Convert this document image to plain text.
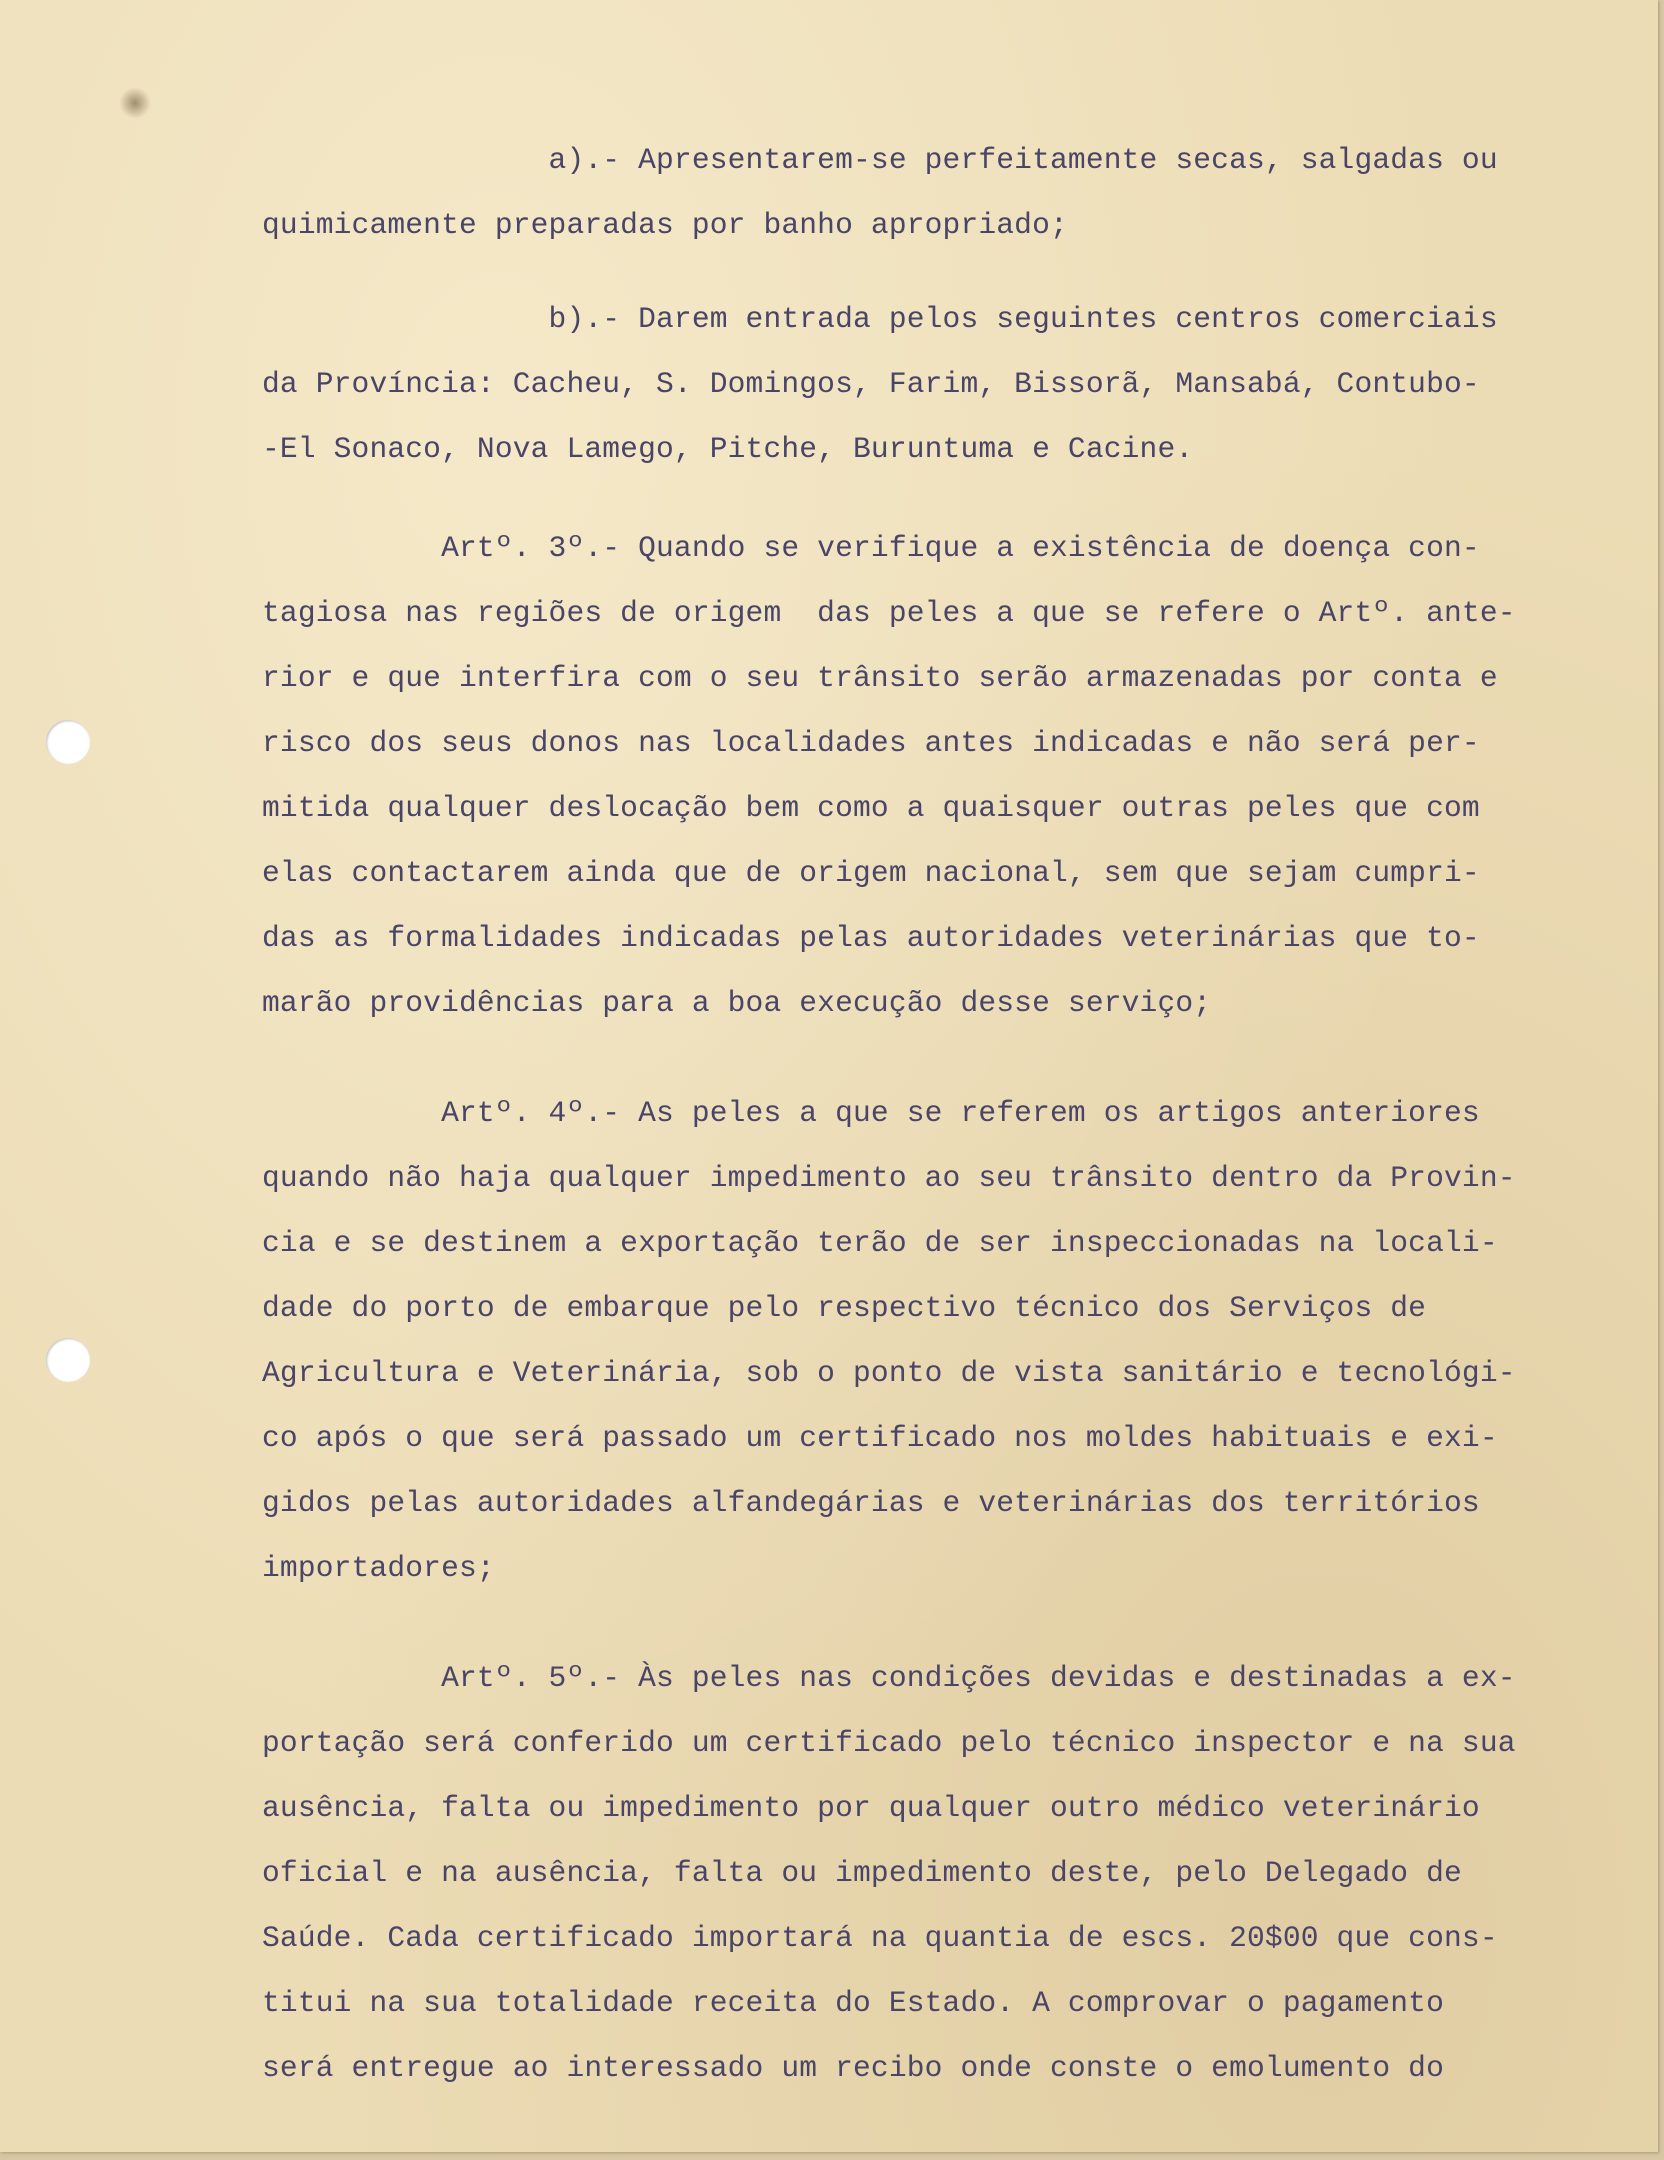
a).- Apresentarem-se perfeitamente secas, salgadas ou
quimicamente preparadas por banho apropriado;
b).- Darem entrada pelos seguintes centros comerciais
da Província: Cacheu, S. Domingos, Farim, Bissorã, Mansabá, Contubo-
-El Sonaco, Nova Lamego, Pitche, Buruntuma e Cacine.
Artº. 3º.- Quando se verifique a existência de doença con-
tagiosa nas regiões de origem  das peles a que se refere o Artº. ante-
rior e que interfira com o seu trânsito serão armazenadas por conta e
risco dos seus donos nas localidades antes indicadas e não será per-
mitida qualquer deslocação bem como a quaisquer outras peles que com
elas contactarem ainda que de origem nacional, sem que sejam cumpri-
das as formalidades indicadas pelas autoridades veterinárias que to-
marão providências para a boa execução desse serviço;
Artº. 4º.- As peles a que se referem os artigos anteriores
quando não haja qualquer impedimento ao seu trânsito dentro da Provin-
cia e se destinem a exportação terão de ser inspeccionadas na locali-
dade do porto de embarque pelo respectivo técnico dos Serviços de
Agricultura e Veterinária, sob o ponto de vista sanitário e tecnológi-
co após o que será passado um certificado nos moldes habituais e exi-
gidos pelas autoridades alfandegárias e veterinárias dos territórios
importadores;
Artº. 5º.- Às peles nas condições devidas e destinadas a ex-
portação será conferido um certificado pelo técnico inspector e na sua
ausência, falta ou impedimento por qualquer outro médico veterinário
oficial e na ausência, falta ou impedimento deste, pelo Delegado de
Saúde. Cada certificado importará na quantia de escs. 20$00 que cons-
titui na sua totalidade receita do Estado. A comprovar o pagamento
será entregue ao interessado um recibo onde conste o emolumento do
